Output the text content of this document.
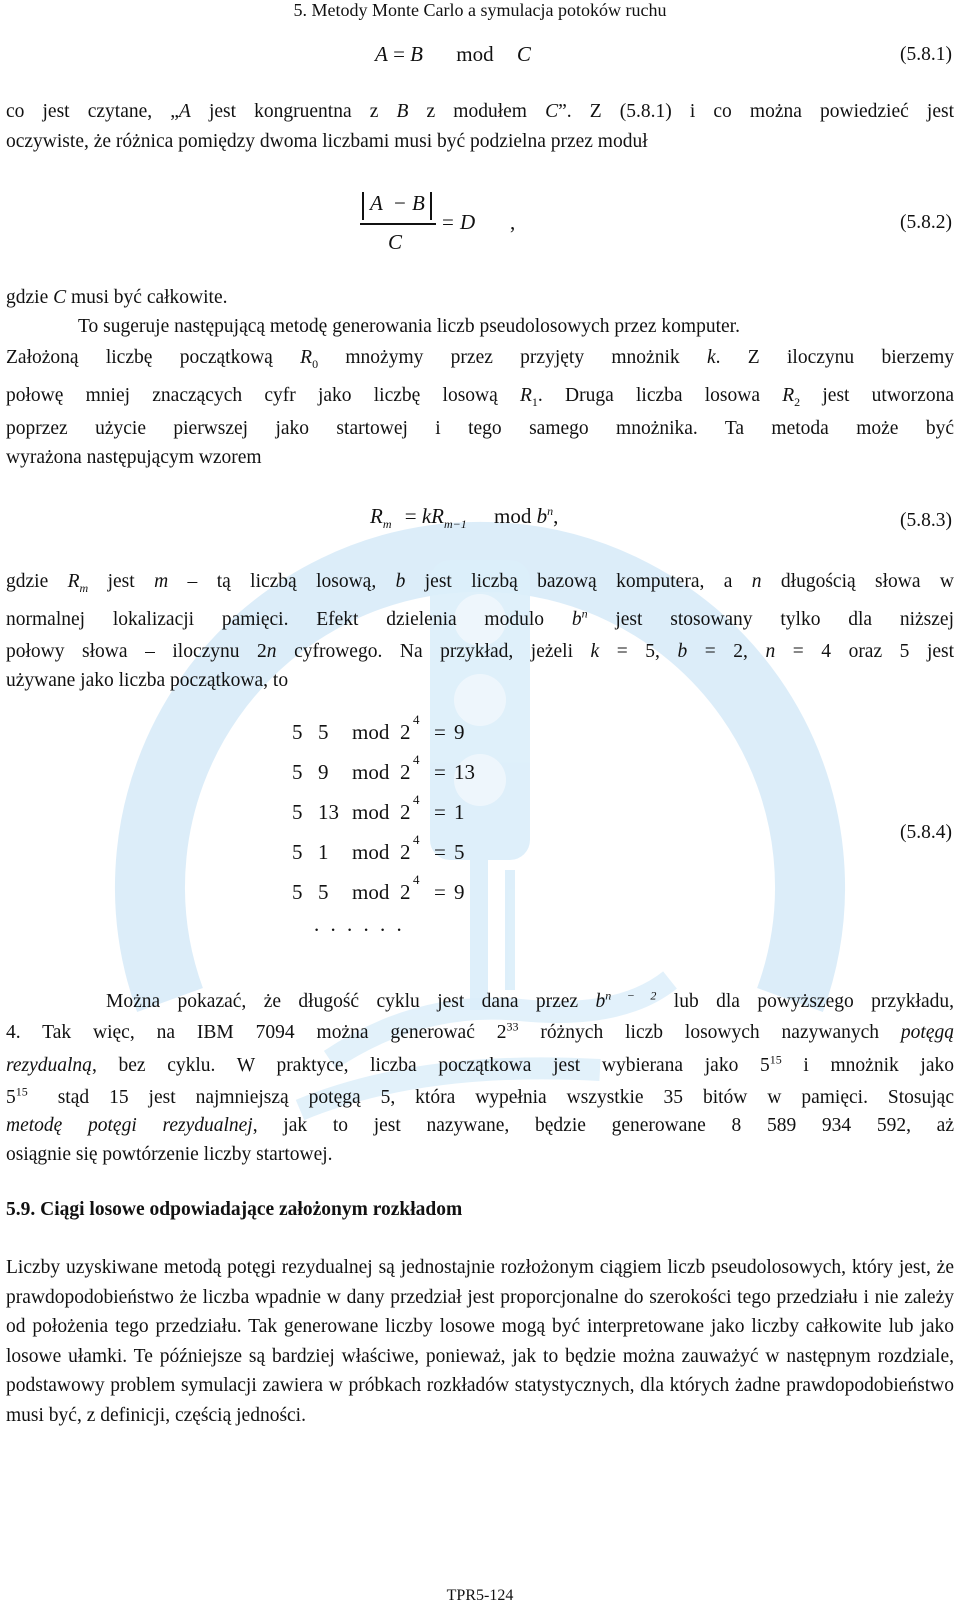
5. Metody Monte Carlo a symulacja potoków ruchu
A = B mod C	(5.8.1)
co jest czytane, „A jest kongruentna z B z modułem C”. Z (5.8.1) i co można powiedzieć jest
oczywiste, że różnica pomiędzy dwoma liczbami musi być podzielna przez moduł
A − B
C
= D ,	(5.8.2)
gdzie C musi być całkowite.
To sugeruje następującą metodę generowania liczb pseudolosowych przez komputer.
Założoną liczbę początkową $R_0$ mnożymy przez przyjęty mnożnik k. Z iloczynu bierzemy
połowę mniej znaczących cyfr jako liczbę losową $R_1$. Druga liczba losowa $R_2$ jest utworzona
poprzez użycie pierwszej jako startowej i tego samego mnożnika. Ta metoda może być
wyrażona następującym wzorem
$R_m = kR_{m-1}$ mod $b^n$,	(5.8.3)
gdzie $R_m$ jest m – tą liczbą losową, b jest liczbą bazową komputera, a n długością słowa w
normalnej lokalizacji pamięci. Efekt dzielenia modulo $b^n$ jest stosowany tylko dla niższej
połowy słowa – iloczynu 2n cyfrowego. Na przykład, jeżeli k = 5, b = 2, n = 4 oraz 5 jest
używane jako liczba początkowa, to
5 5 mod 2 = 9
4
5 9 mod 2 = 13
4
5 13 mod 2 = 1
4
5 1 mod 2 = 5
4
5 5 mod 2 = 9
4
. . . . . .
(5.8.4)
Można pokazać, że długość cyklu jest dana przez $b^{n - 2}$ lub dla powyższego przykładu,
4. Tak więc, na IBM 7094 można generować $2^{33}$ różnych liczb losowych nazywanych potęgą
rezydualną, bez cyklu. W praktyce, liczba początkowa jest wybierana jako $5^{15}$ i mnożnik jako
$5^{15}$ stąd 15 jest najmniejszą potęgą 5, która wypełnia wszystkie 35 bitów w pamięci. Stosując
metodę potęgi rezydualnej, jak to jest nazywane, będzie generowane 8 589 934 592, aż
osiągnie się powtórzenie liczby startowej.
5.9. Ciągi losowe odpowiadające założonym rozkładom
Liczby uzyskiwane metodą potęgi rezydualnej są jednostajnie rozłożonym ciągiem liczb pseudolosowych, który jest, że prawdopodobieństwo że liczba wpadnie w dany przedział jest proporcjonalne do szerokości tego przedziału i nie zależy od położenia tego przedziału. Tak generowane liczby losowe mogą być interpretowane jako liczby całkowite lub jako losowe ułamki. Te późniejsze są bardziej właściwe, ponieważ, jak to będzie można zauważyć w następnym rozdziale, podstawowy problem symulacji zawiera w próbkach rozkładów statystycznych, dla których żadne prawdopodobieństwo musi być, z definicji, częścią jedności.
TPR5-124
